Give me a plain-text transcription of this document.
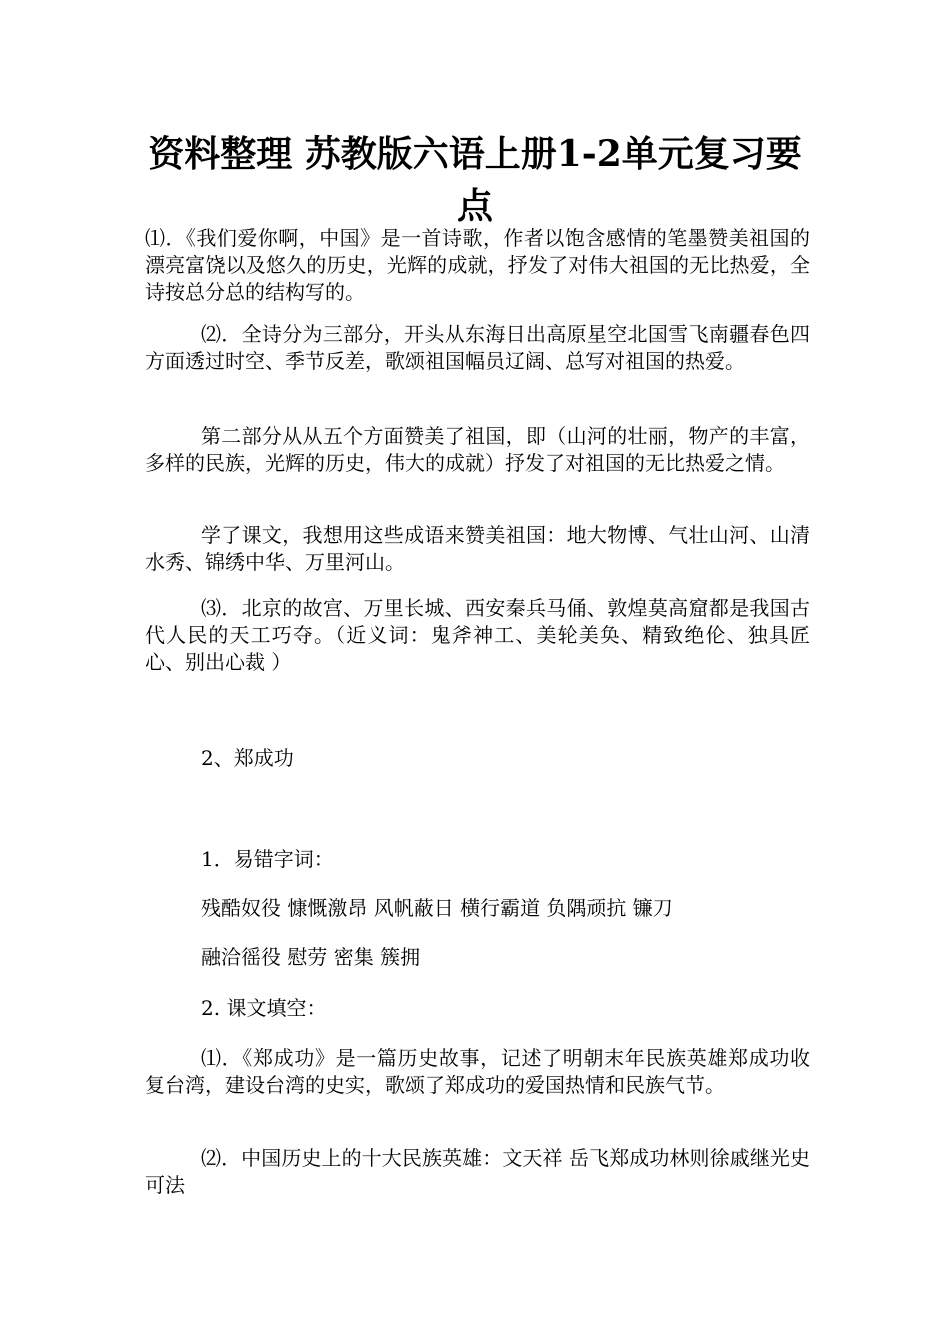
资料整理 苏教版六语上册1-2单元复习要点

⑴．《我们爱你啊，中国》是一首诗歌，作者以饱含感情的笔墨赞美祖国的漂亮富饶以及悠久的历史，光辉的成就，抒发了对伟大祖国的无比热爱，全诗按总分总的结构写的。

⑵．全诗分为三部分，开头从东海日出高原星空北国雪飞南疆春色四方面透过时空、季节反差，歌颂祖国幅员辽阔、总写对祖国的热爱。

第二部分从从五个方面赞美了祖国，即（山河的壮丽，物产的丰富，多样的民族，光辉的历史，伟大的成就）抒发了对祖国的无比热爱之情。

学了课文，我想用这些成语来赞美祖国：地大物博、气壮山河、山清水秀、锦绣中华、万里河山。

⑶．北京的故宫、万里长城、西安秦兵马俑、敦煌莫高窟都是我国古代人民的天工巧夺。（近义词：鬼斧神工、美轮美奂、精致绝伦、独具匠心、别出心裁 ）

2、郑成功

1．易错字词：

残酷奴役 慷慨激昂 风帆蔽日 横行霸道 负隅顽抗 镰刀

融洽徭役 慰劳 密集 簇拥

2. 课文填空：

⑴．《郑成功》是一篇历史故事，记述了明朝末年民族英雄郑成功收复台湾，建设台湾的史实，歌颂了郑成功的爱国热情和民族气节。

⑵．中国历史上的十大民族英雄：文天祥 岳飞郑成功林则徐戚继光史可法
